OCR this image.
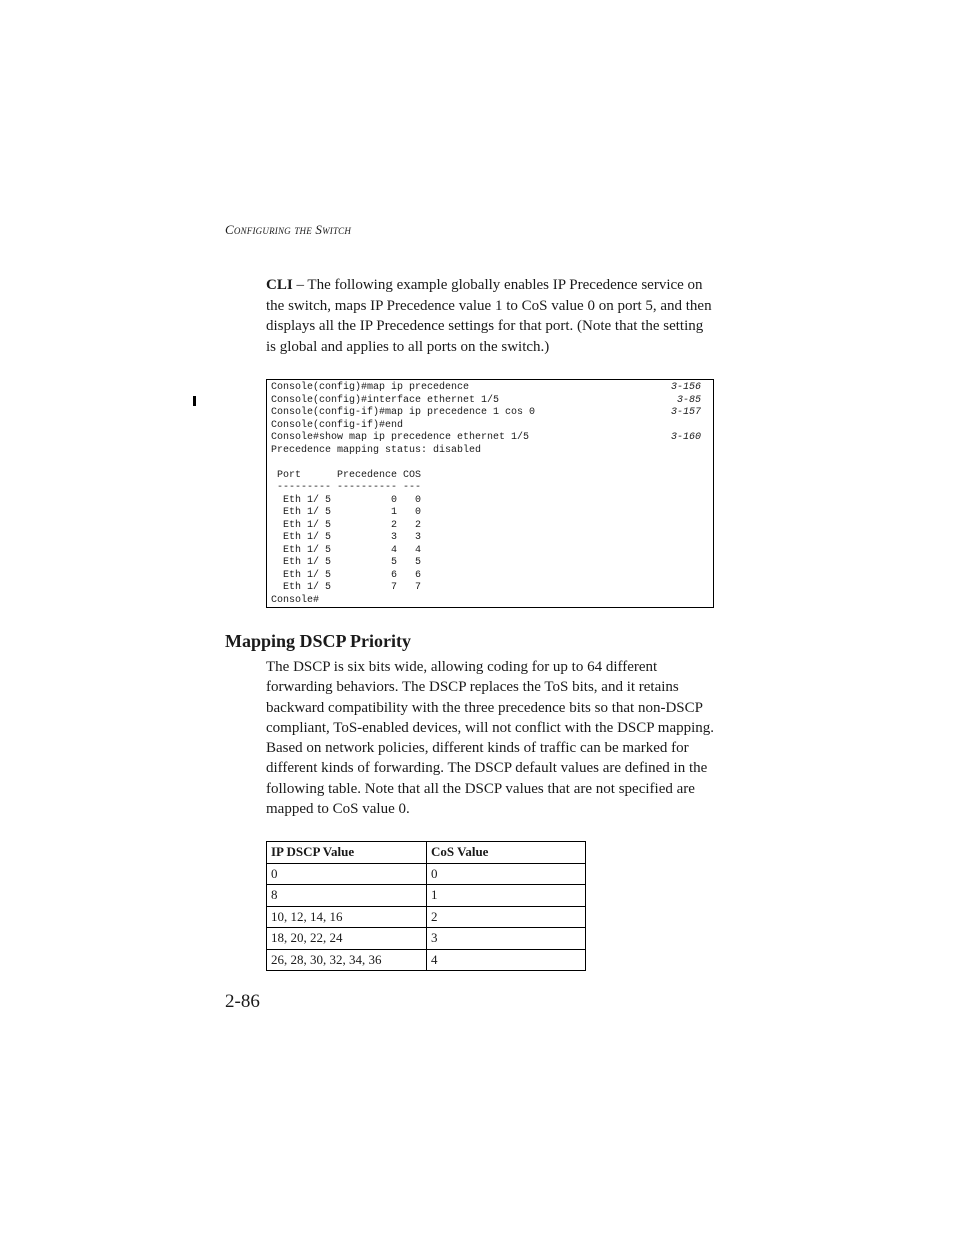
Configuring the Switch
CLI – The following example globally enables IP Precedence service on the switch, maps IP Precedence value 1 to CoS value 0 on port 5, and then displays all the IP Precedence settings for that port. (Note that the setting is global and applies to all ports on the switch.)
Console(config)#map ip precedence	3-156
Console(config)#interface ethernet 1/5	3-85
Console(config-if)#map ip precedence 1 cos 0	3-157
Console(config-if)#end
Console#show map ip precedence ethernet 1/5	3-160
Precedence mapping status: disabled
Port      Precedence COS
--------- ---------- ---
Eth 1/ 5          0   0
Eth 1/ 5          1   0
Eth 1/ 5          2   2
Eth 1/ 5          3   3
Eth 1/ 5          4   4
Eth 1/ 5          5   5
Eth 1/ 5          6   6
Eth 1/ 5          7   7
Console#
Mapping DSCP Priority
The DSCP is six bits wide, allowing coding for up to 64 different forwarding behaviors. The DSCP replaces the ToS bits, and it retains backward compatibility with the three precedence bits so that non-DSCP compliant, ToS-enabled devices, will not conflict with the DSCP mapping. Based on network policies, different kinds of traffic can be marked for different kinds of forwarding. The DSCP default values are defined in the following table. Note that all the DSCP values that are not specified are mapped to CoS value 0.
IP DSCP Value	CoS Value
0	0
8	1
10, 12, 14, 16	2
18, 20, 22, 24	3
26, 28, 30, 32, 34, 36	4
2-86
